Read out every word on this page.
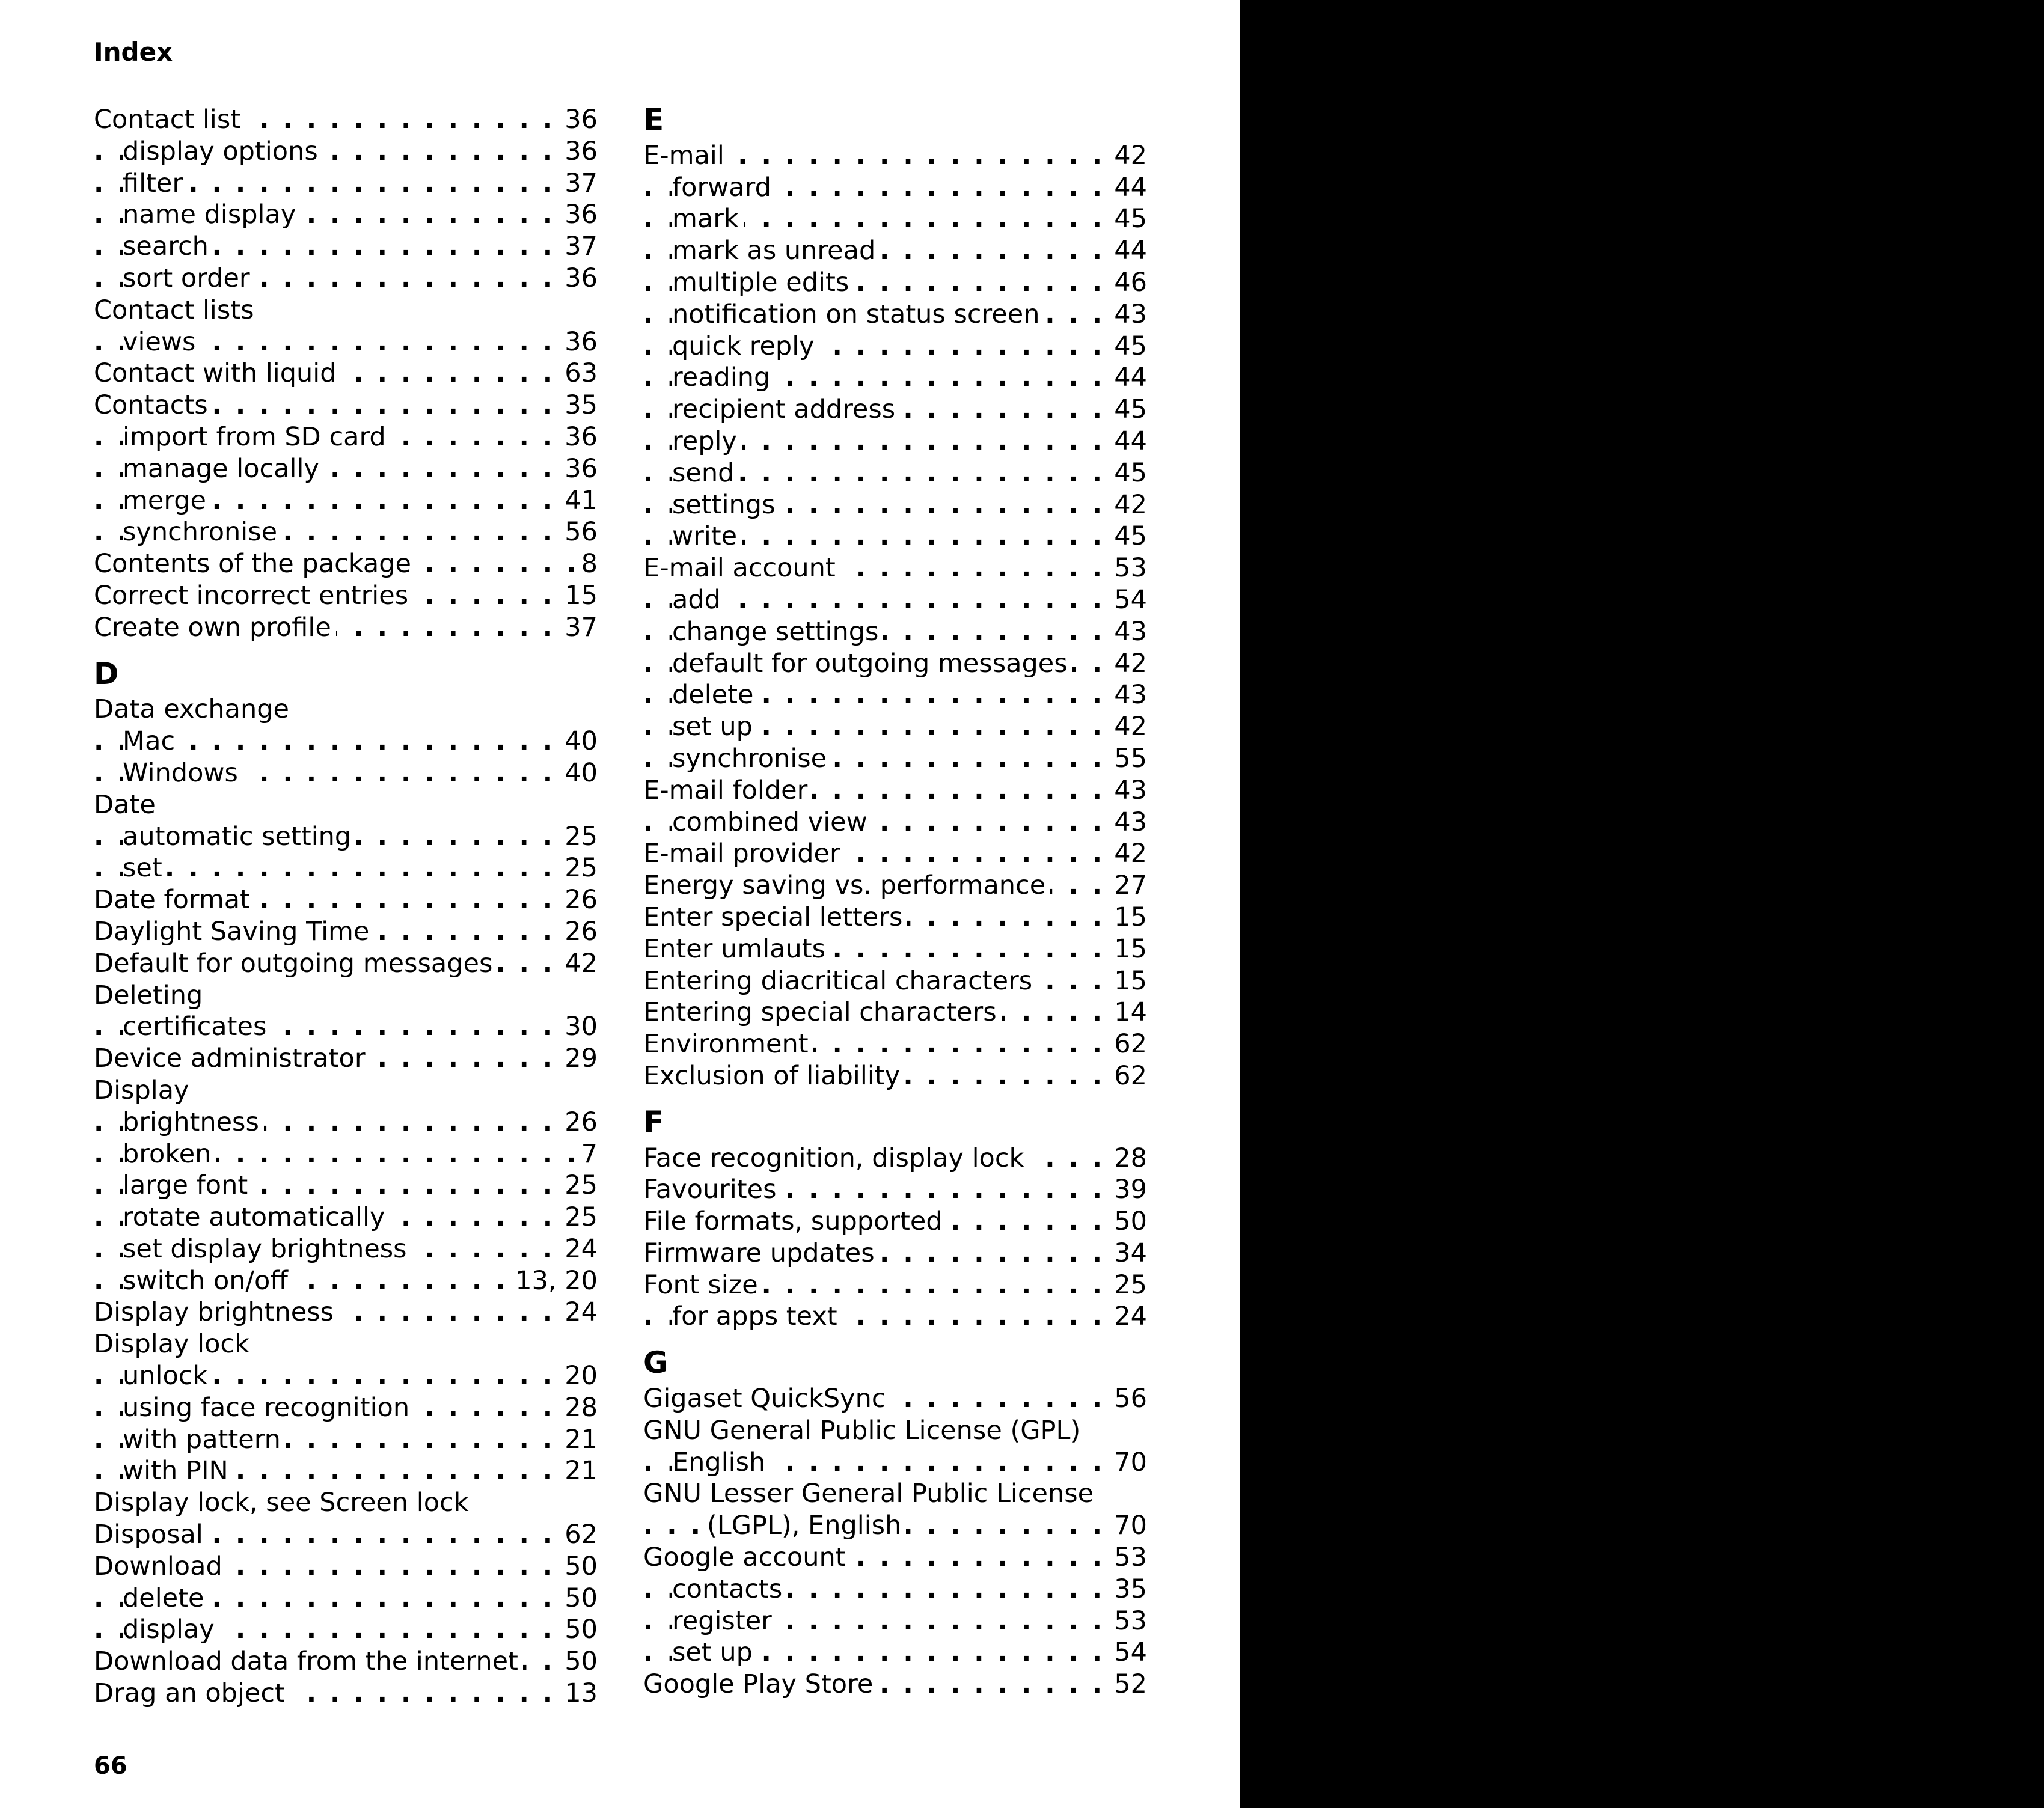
Index
Contact list	36
. . .
display options	36
. . .
filter	37
. . .
name display	36
. . .
search	37
. . .
sort order	36
. . .
Contact lists
views	36
. . .
Contact with liquid	63
. . .
Contacts	35
. . .
import from SD card	36
. . .
manage locally	36
. . .
merge	41
. . .
synchronise	56
. . .
Contents of the package	8
. . .
Correct incorrect entries	15
. . .
Create own profile	37
. . .
D
Data exchange
Mac	40
. . .
Windows	40
. . .
Date
automatic setting	25
. . .
set	25
. . .
Date format	26
. . .
Daylight Saving Time	26
. . .
Default for outgoing messages	42
. . .
Deleting
certificates	30
. . .
Device administrator	29
. . .
Display
brightness	26
. . .
broken	7
. . .
large font	25
. . .
rotate automatically	25
. . .
set display brightness	24
. . .
switch on/off	13, 20
. . .
Display brightness	24
. . .
Display lock
unlock	20
. . .
using face recognition	28
. . .
with pattern	21
. . .
with PIN	21
. . .
Display lock, see Screen lock
Disposal	62
. . .
Download	50
. . .
delete	50
. . .
display	50
. . .
Download data from the internet 50
. . .
Drag an object	13
. . .
E
E-mail	42
. . .
forward	44
. . .
mark	45
. . .
mark as unread	44
. . .
multiple edits	46
. . .
notification on status screen	43
. . .
quick reply	45
. . .
reading	44
. . .
recipient address	45
. . .
reply	44
. . .
send	45
. . .
settings	42
. . .
write	45
. . .
E-mail account	53
. . .
add	54
. . .
change settings	43
. . .
default for outgoing messages 42
. . .
delete	43
. . .
set up	42
. . .
synchronise	55
. . .
E-mail folder	43
. . .
combined view	43
. . .
E-mail provider	42
. . .
Energy saving vs. performance	27
. . .
Enter special letters	15
. . .
Enter umlauts	15
. . .
Entering diacritical characters	15
. . .
Entering special characters	14
. . .
Environment	62
. . .
Exclusion of liability	62
. . .
F
Face recognition, display lock	28
. . .
Favourites	39
. . .
File formats, supported	50
. . .
Firmware updates	34
. . .
Font size	25
. . .
for apps text	24
. . .
G
Gigaset QuickSync	56
. . .
GNU General Public License (GPL)
English	70
. . .
GNU Lesser General Public License
(LGPL), English	70
. . .
Google account	53
. . .
contacts	35
. . .
register	53
. . .
set up	54
. . .
Google Play Store	52
. . .
66
